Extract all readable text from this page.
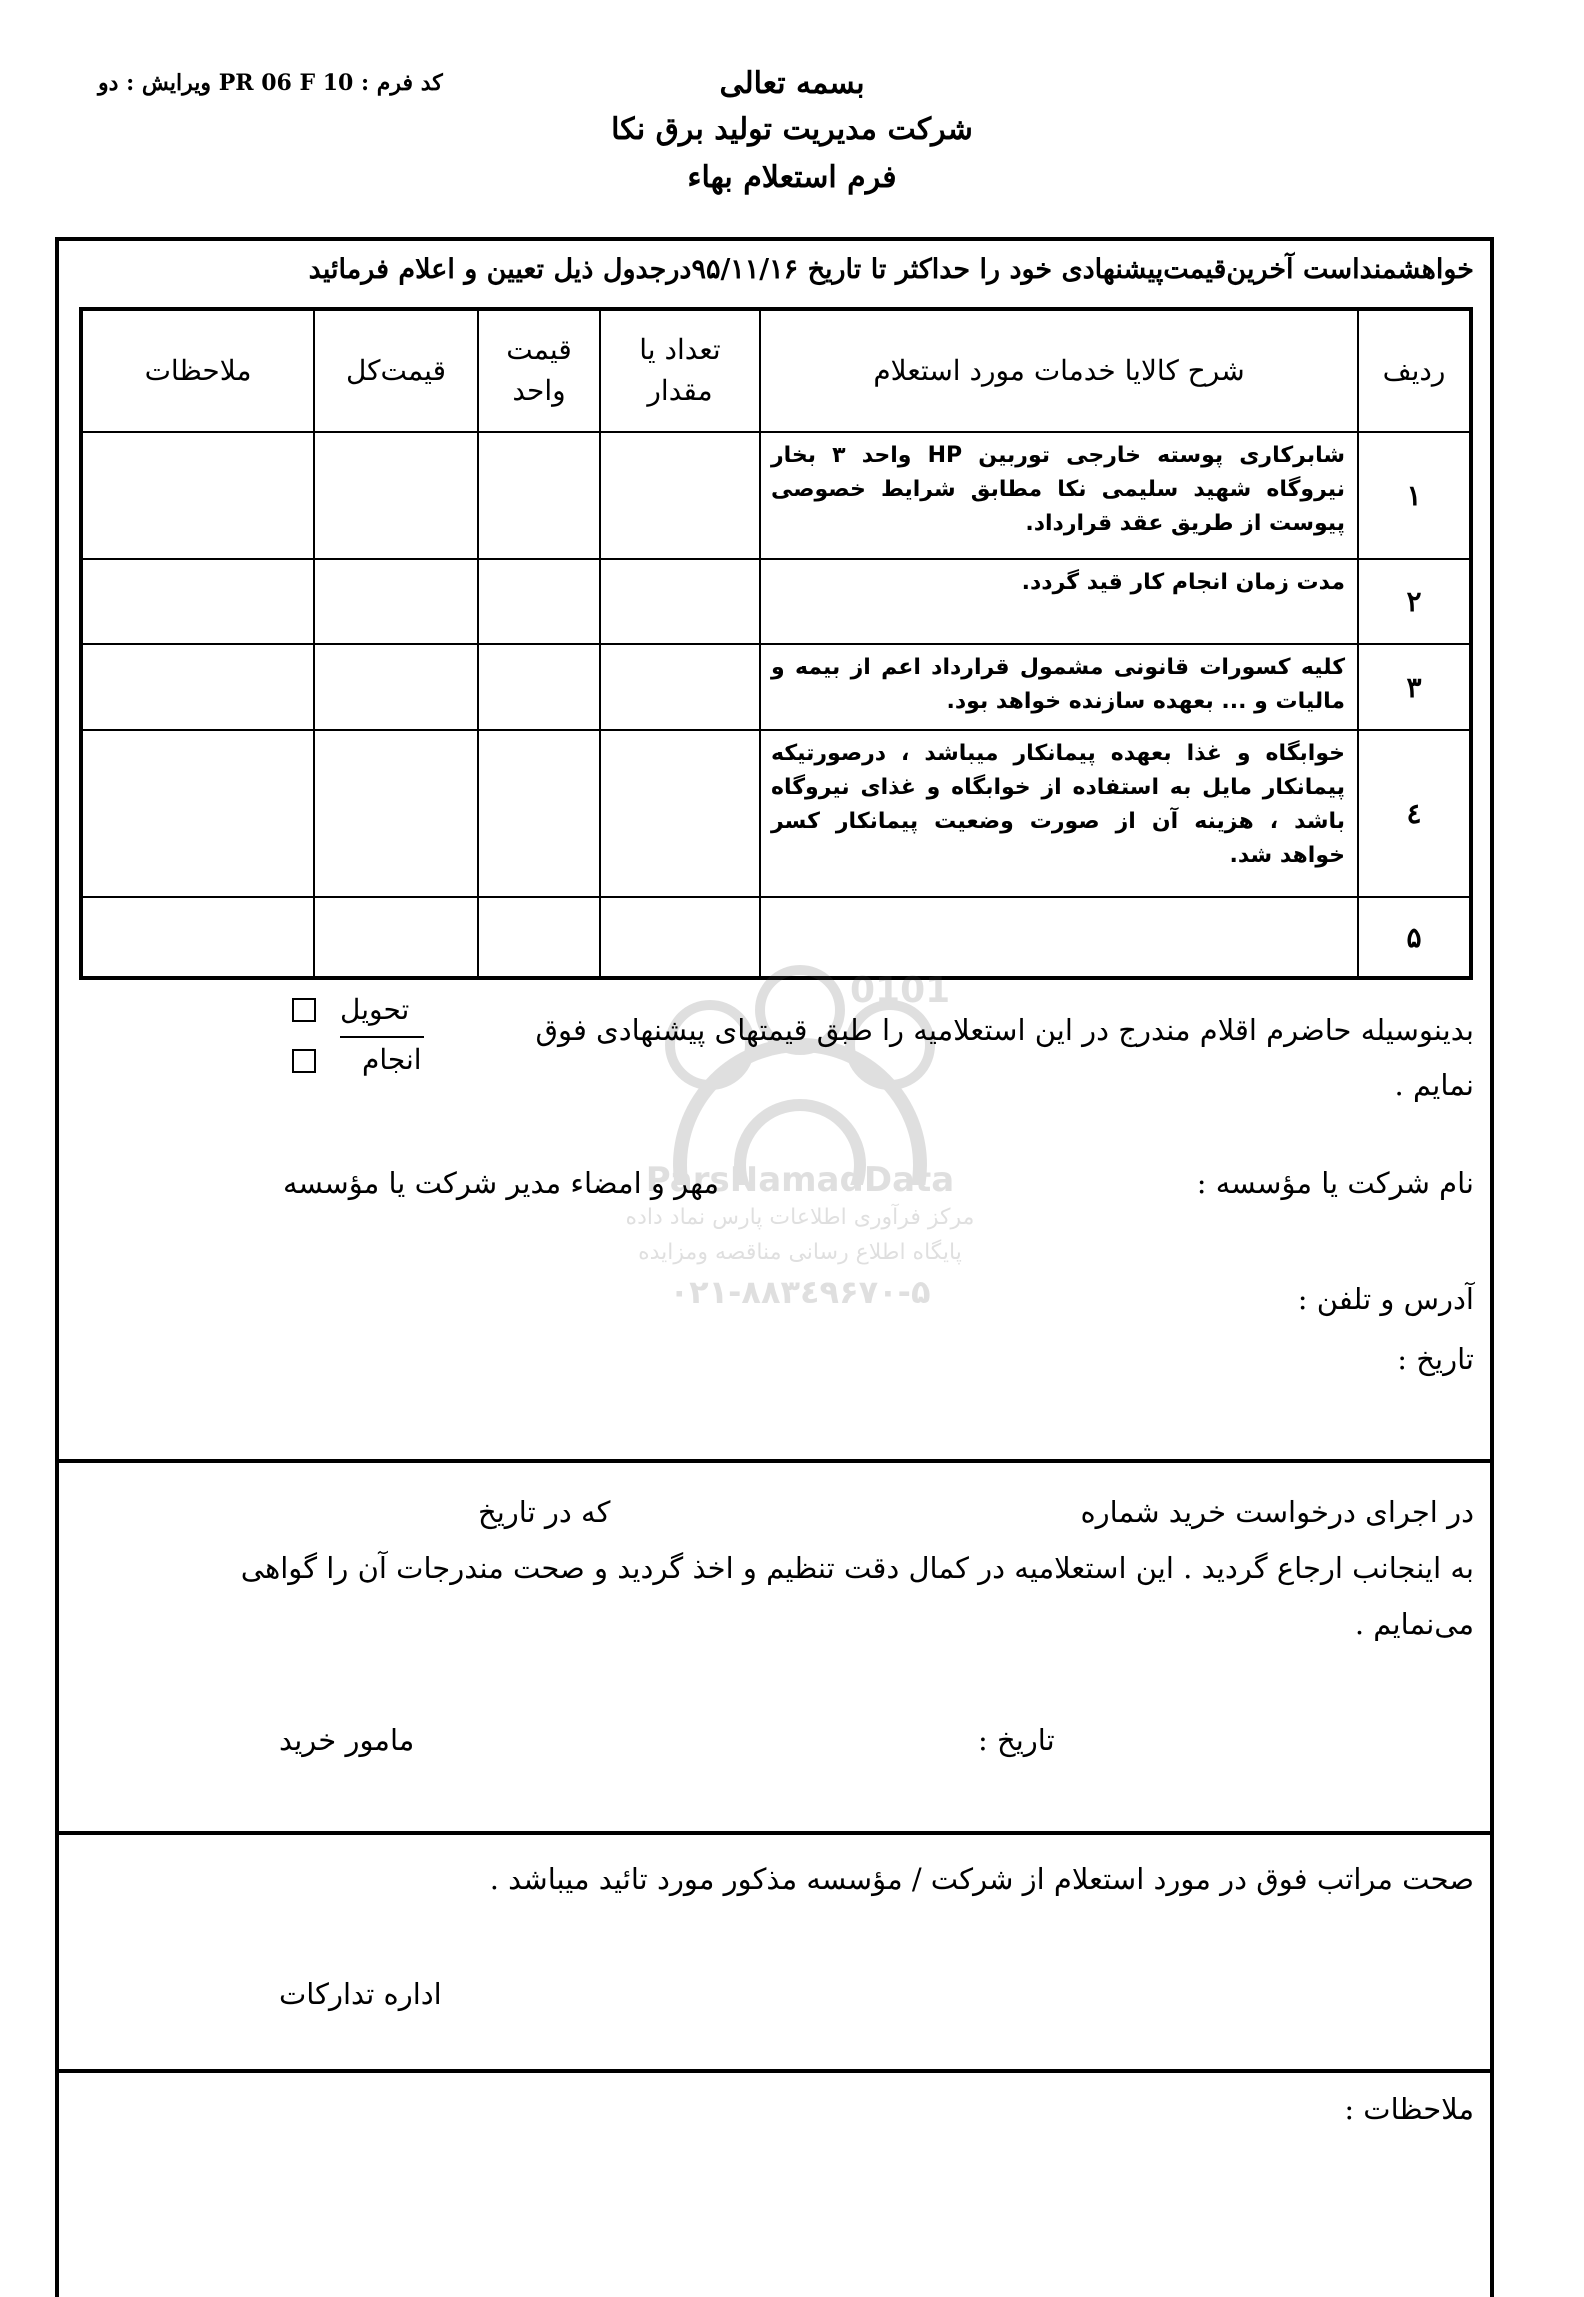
کد فرم : PR 06 F 10 ویرایش : دو	بسمه تعالی
شرکت مدیریت تولید برق نکا
فرم استعلام بهاء
خواهشمنداست آخرین‌قیمت‌پیشنهادی خود را حداکثر تا تاریخ ۹۵/۱۱/۱۶درجدول ذیل تعیین و اعلام فرمائید
ردیف	شرح کالایا خدمات مورد استعلام	تعداد یا مقدار	قیمت واحد	قیمت‌کل	ملاحظات
۱	شابرکاری پوسته خارجی توربین HP واحد ۳ بخار نیروگاه شهید سلیمی نکا مطابق شرایط خصوصی پیوست از طریق عقد قرارداد.				
۲	مدت زمان انجام کار قید گردد.				
۳	کلیه کسورات قانونی مشمول قرارداد اعم از بیمه و مالیات و ... بعهده سازنده خواهد بود.				
٤	خوابگاه و غذا بعهده پیمانکار میباشد ، درصورتیکه پیمانکار مایل به استفاده از خوابگاه و غذای نیروگاه باشد ، هزینه آن از صورت وضعیت پیمانکار کسر خواهد شد.				
۵					
0101
ParsNamadData
مرکز فرآوری اطلاعات پارس نماد داده
پایگاه اطلاع رسانی مناقصه ومزایده
۰۲۱-۸۸۳٤۹۶۷۰-۵
بدینوسیله حاضرم اقلام مندرج در این استعلامیه را طبق قیمتهای پیشنهادی فوق
نمایم .
تحویل
انجام
نام شرکت یا مؤسسه :
مهر و امضاء مدیر شرکت یا مؤسسه
آدرس و تلفن :
تاریخ :
در اجرای درخواست خرید شماره
که در تاریخ
به اینجانب ارجاع گردید . این استعلامیه در کمال دقت تنظیم و اخذ گردید و صحت مندرجات آن را گواهی
می‌نمایم .
تاریخ :
مامور خرید
صحت مراتب فوق در مورد استعلام از شرکت / مؤسسه مذکور مورد تائید میباشد .
اداره تدارکات
ملاحظات :
